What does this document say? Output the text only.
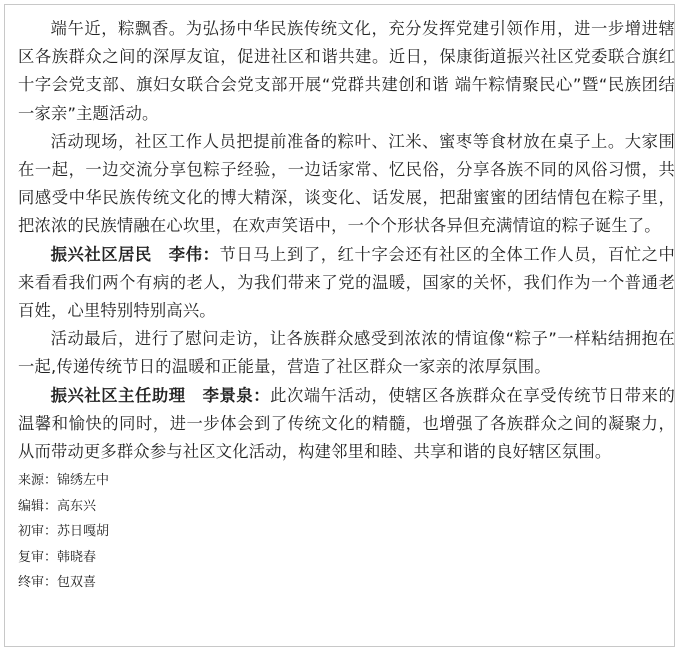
端午近，粽飘香。为弘扬中华民族传统文化，充分发挥党建引领作用，进一步增进辖区各族群众之间的深厚友谊，促进社区和谐共建。近日，保康街道振兴社区党委联合旗红十字会党支部、旗妇女联合会党支部开展“党群共建创和谐 端午粽情聚民心”暨“民族团结一家亲”主题活动。

活动现场，社区工作人员把提前准备的粽叶、江米、蜜枣等食材放在桌子上。大家围在一起，一边交流分享包粽子经验，一边话家常、忆民俗，分享各族不同的风俗习惯，共同感受中华民族传统文化的博大精深，谈变化、话发展，把甜蜜蜜的团结情包在粽子里，把浓浓的民族情融在心坎里，在欢声笑语中，一个个形状各异但充满情谊的粽子诞生了。

振兴社区居民　李伟：节日马上到了，红十字会还有社区的全体工作人员，百忙之中来看看我们两个有病的老人，为我们带来了党的温暖，国家的关怀，我们作为一个普通老百姓，心里特别特别高兴。

活动最后，进行了慰问走访，让各族群众感受到浓浓的情谊像“粽子”一样粘结拥抱在一起,传递传统节日的温暖和正能量，营造了社区群众一家亲的浓厚氛围。

振兴社区主任助理　李景泉：此次端午活动，使辖区各族群众在享受传统节日带来的温馨和愉快的同时，进一步体会到了传统文化的精髓，也增强了各族群众之间的凝聚力，从而带动更多群众参与社区文化活动，构建邻里和睦、共享和谐的良好辖区氛围。

来源：锦绣左中

编辑：高东兴

初审：苏日嘎胡

复审：韩晓春

终审：包双喜
